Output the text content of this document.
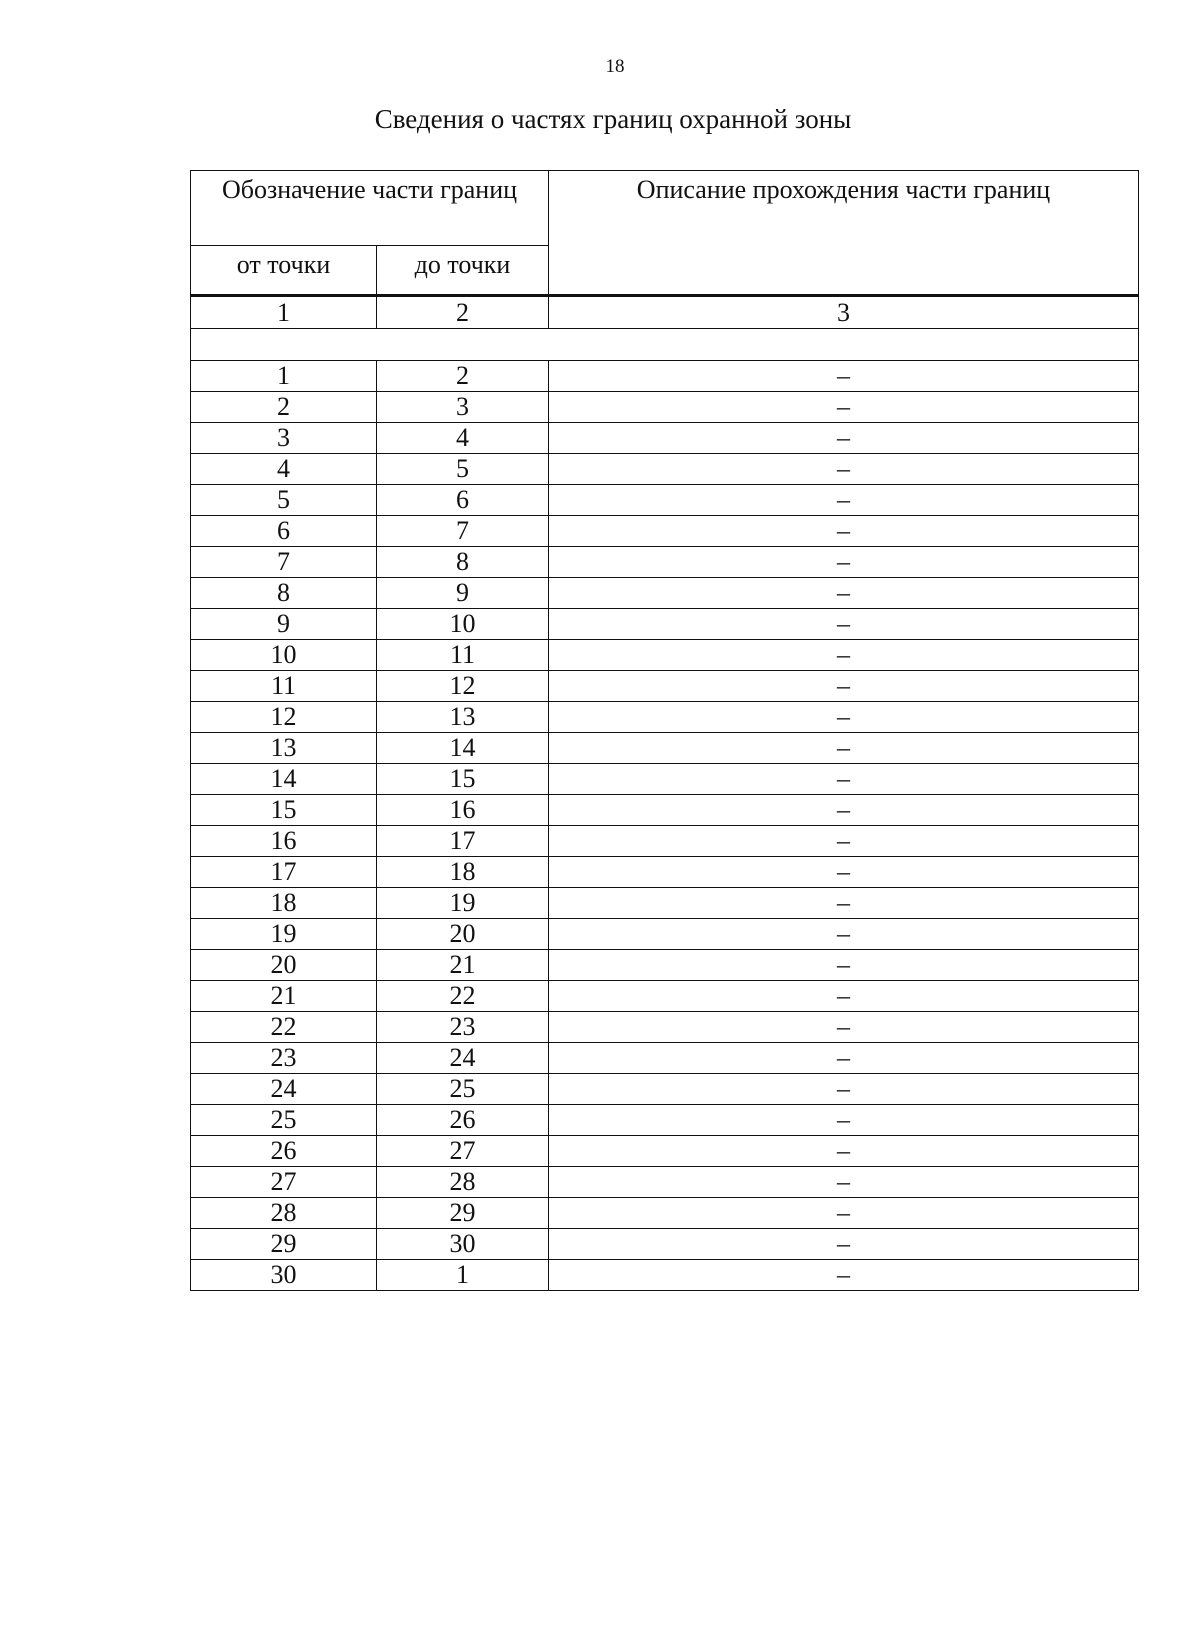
18
Сведения о частях границ охранной зоны
Обозначение части границ		Описание прохождения части границ
от точки	до точки	
1	2	3

1	2	–
2	3	–
3	4	–
4	5	–
5	6	–
6	7	–
7	8	–
8	9	–
9	10	–
10	11	–
11	12	–
12	13	–
13	14	–
14	15	–
15	16	–
16	17	–
17	18	–
18	19	–
19	20	–
20	21	–
21	22	–
22	23	–
23	24	–
24	25	–
25	26	–
26	27	–
27	28	–
28	29	–
29	30	–
30	1	–
